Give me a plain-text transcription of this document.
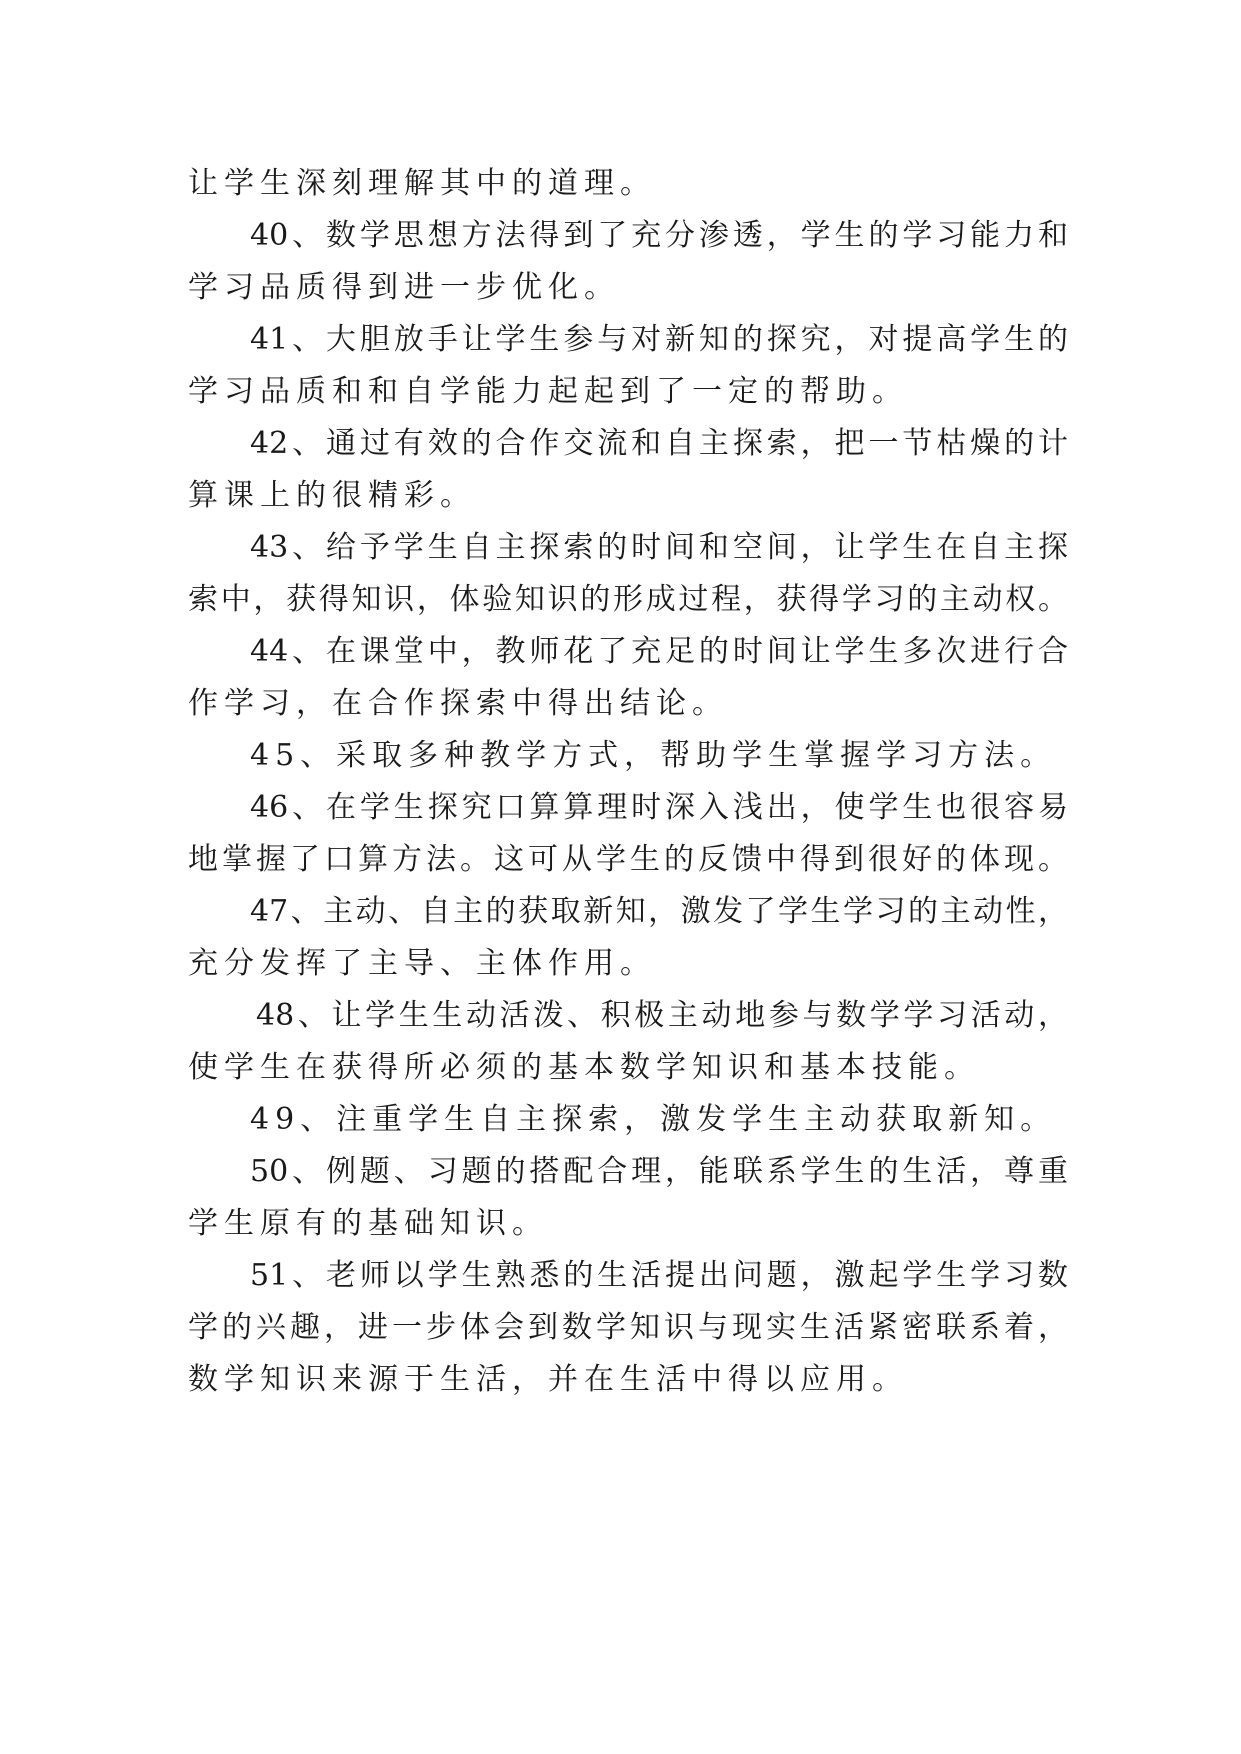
让学生深刻理解其中的道理。
40、数学思想方法得到了充分渗透，学生的学习能力和
学习品质得到进一步优化。
41、大胆放手让学生参与对新知的探究，对提高学生的
学习品质和和自学能力起起到了一定的帮助。
42、通过有效的合作交流和自主探索，把一节枯燥的计
算课上的很精彩。
43、给予学生自主探索的时间和空间，让学生在自主探
索中，获得知识，体验知识的形成过程，获得学习的主动权。
44、在课堂中，教师花了充足的时间让学生多次进行合
作学习，在合作探索中得出结论。
45、采取多种教学方式，帮助学生掌握学习方法。
46、在学生探究口算算理时深入浅出，使学生也很容易
地掌握了口算方法。这可从学生的反馈中得到很好的体现。
47、主动、自主的获取新知，激发了学生学习的主动性，
充分发挥了主导、主体作用。
48、让学生生动活泼、积极主动地参与数学学习活动，
使学生在获得所必须的基本数学知识和基本技能。
49、注重学生自主探索，激发学生主动获取新知。
50、例题、习题的搭配合理，能联系学生的生活，尊重
学生原有的基础知识。
51、老师以学生熟悉的生活提出问题，激起学生学习数
学的兴趣，进一步体会到数学知识与现实生活紧密联系着，
数学知识来源于生活，并在生活中得以应用。
